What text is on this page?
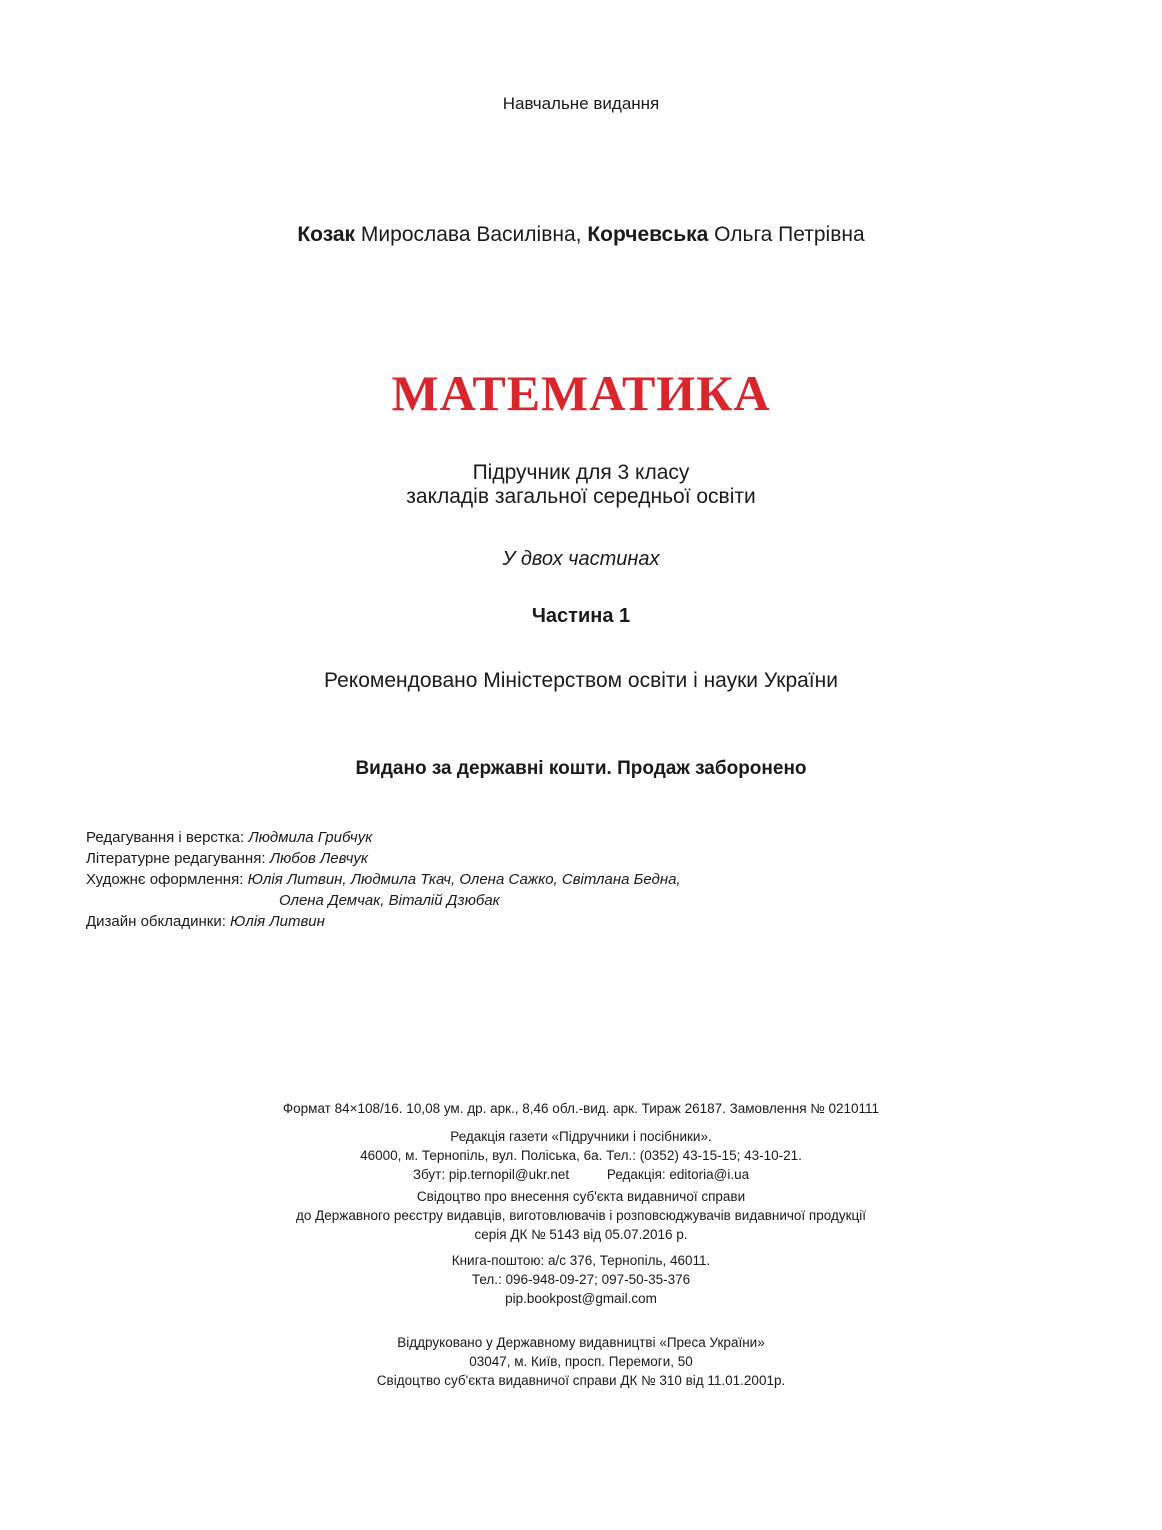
Навчальне видання
Козак Мирослава Василівна, Корчевська Ольга Петрівна
МАТЕМАТИКА
Підручник для 3 класу
закладів загальної середньої освіти
У двох частинах
Частина 1
Рекомендовано Міністерством освіти і науки України
Видано за державні кошти. Продаж заборонено
Редагування і верстка: Людмила Грибчук
Літературне редагування: Любов Левчук
Художнє оформлення: Юлія Литвин, Людмила Ткач, Олена Сажко, Світлана Бедна,
Олена Демчак, Віталій Дзюбак
Дизайн обкладинки: Юлія Литвин
Формат 84×108/16. 10,08 ум. др. арк., 8,46 обл.-вид. арк. Тираж 26187. Замовлення № 0210111
Редакція газети «Підручники і посібники».
46000, м. Тернопіль, вул. Поліська, 6а. Тел.: (0352) 43-15-15; 43-10-21.
Збут: pip.ternopil@ukr.net	Редакція: editoria@i.ua
Свідоцтво про внесення суб'єкта видавничої справи
до Державного реєстру видавців, виготовлювачів і розповсюджувачів видавничої продукції
серія ДК № 5143 від 05.07.2016 р.
Книга-поштою: а/с 376, Тернопіль, 46011.
Тел.: 096-948-09-27; 097-50-35-376
pip.bookpost@gmail.com
Віддруковано у Державному видавництві «Преса України»
03047, м. Київ, просп. Перемоги, 50
Свідоцтво суб'єкта видавничої справи ДК № 310 від 11.01.2001р.
